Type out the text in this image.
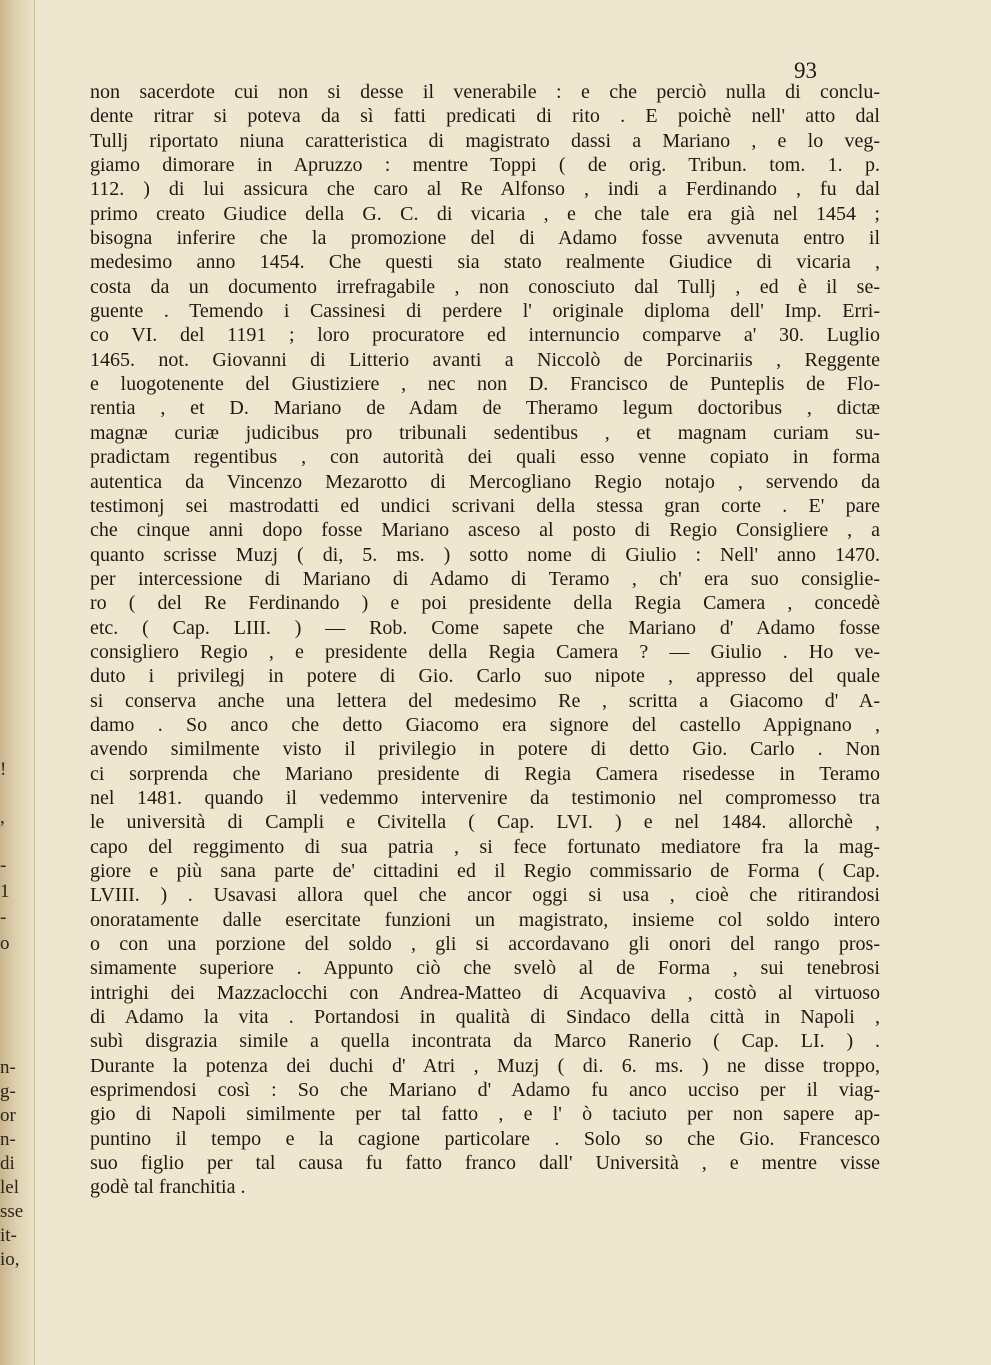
!
,
-
1
-
o
n-
g-
or
n-
di
lel
sse
it-
io,
93
non sacerdote cui non si desse il venerabile : e che perciò nulla di conclu-
dente ritrar si poteva da sì fatti predicati di rito . E poichè nell' atto dal
Tullj riportato niuna caratteristica di magistrato dassi a Mariano , e lo veg-
giamo dimorare in Apruzzo : mentre Toppi ( de orig. Tribun. tom. 1. p.
112. ) di lui assicura che caro al Re Alfonso , indi a Ferdinando , fu dal
primo creato Giudice della G. C. di vicaria , e che tale era già nel 1454 ;
bisogna inferire che la promozione del di Adamo fosse avvenuta entro il
medesimo anno 1454. Che questi sia stato realmente Giudice di vicaria ,
costa da un documento irrefragabile , non conosciuto dal Tullj , ed è il se-
guente . Temendo i Cassinesi di perdere l' originale diploma dell' Imp. Erri-
co VI. del 1191 ; loro procuratore ed internuncio comparve a' 30. Luglio
1465. not. Giovanni di Litterio avanti a Niccolò de Porcinariis , Reggente
e luogotenente del Giustiziere , nec non D. Francisco de Punteplis de Flo-
rentia , et D. Mariano de Adam de Theramo legum doctoribus , dictæ
magnæ curiæ judicibus pro tribunali sedentibus , et magnam curiam su-
pradictam regentibus , con autorità dei quali esso venne copiato in forma
autentica da Vincenzo Mezarotto di Mercogliano Regio notajo , servendo da
testimonj sei mastrodatti ed undici scrivani della stessa gran corte . E' pare
che cinque anni dopo fosse Mariano asceso al posto di Regio Consigliere , a
quanto scrisse Muzj ( di, 5. ms. ) sotto nome di Giulio : Nell' anno 1470.
per intercessione di Mariano di Adamo di Teramo , ch' era suo consiglie-
ro ( del Re Ferdinando ) e poi presidente della Regia Camera , concedè
etc. ( Cap. LIII. ) — Rob. Come sapete che Mariano d' Adamo fosse
consigliero Regio , e presidente della Regia Camera ? — Giulio . Ho ve-
duto i privilegj in potere di Gio. Carlo suo nipote , appresso del quale
si conserva anche una lettera del medesimo Re , scritta a Giacomo d' A-
damo . So anco che detto Giacomo era signore del castello Appignano ,
avendo similmente visto il privilegio in potere di detto Gio. Carlo . Non
ci sorprenda che Mariano presidente di Regia Camera risedesse in Teramo
nel 1481. quando il vedemmo intervenire da testimonio nel compromesso tra
le università di Campli e Civitella ( Cap. LVI. ) e nel 1484. allorchè ,
capo del reggimento di sua patria , si fece fortunato mediatore fra la mag-
giore e più sana parte de' cittadini ed il Regio commissario de Forma ( Cap.
LVIII. ) . Usavasi allora quel che ancor oggi si usa , cioè che ritirandosi
onoratamente dalle esercitate funzioni un magistrato, insieme col soldo intero
o con una porzione del soldo , gli si accordavano gli onori del rango pros-
simamente superiore . Appunto ciò che svelò al de Forma , sui tenebrosi
intrighi dei Mazzaclocchi con Andrea-Matteo di Acquaviva , costò al virtuoso
di Adamo la vita . Portandosi in qualità di Sindaco della città in Napoli ,
subì disgrazia simile a quella incontrata da Marco Ranerio ( Cap. LI. ) .
Durante la potenza dei duchi d' Atri , Muzj ( di. 6. ms. ) ne disse troppo,
esprimendosi così : So che Mariano d' Adamo fu anco ucciso per il viag-
gio di Napoli similmente per tal fatto , e l' ò taciuto per non sapere ap-
puntino il tempo e la cagione particolare . Solo so che Gio. Francesco
suo figlio per tal causa fu fatto franco dall' Università , e mentre visse
godè tal franchitia .
